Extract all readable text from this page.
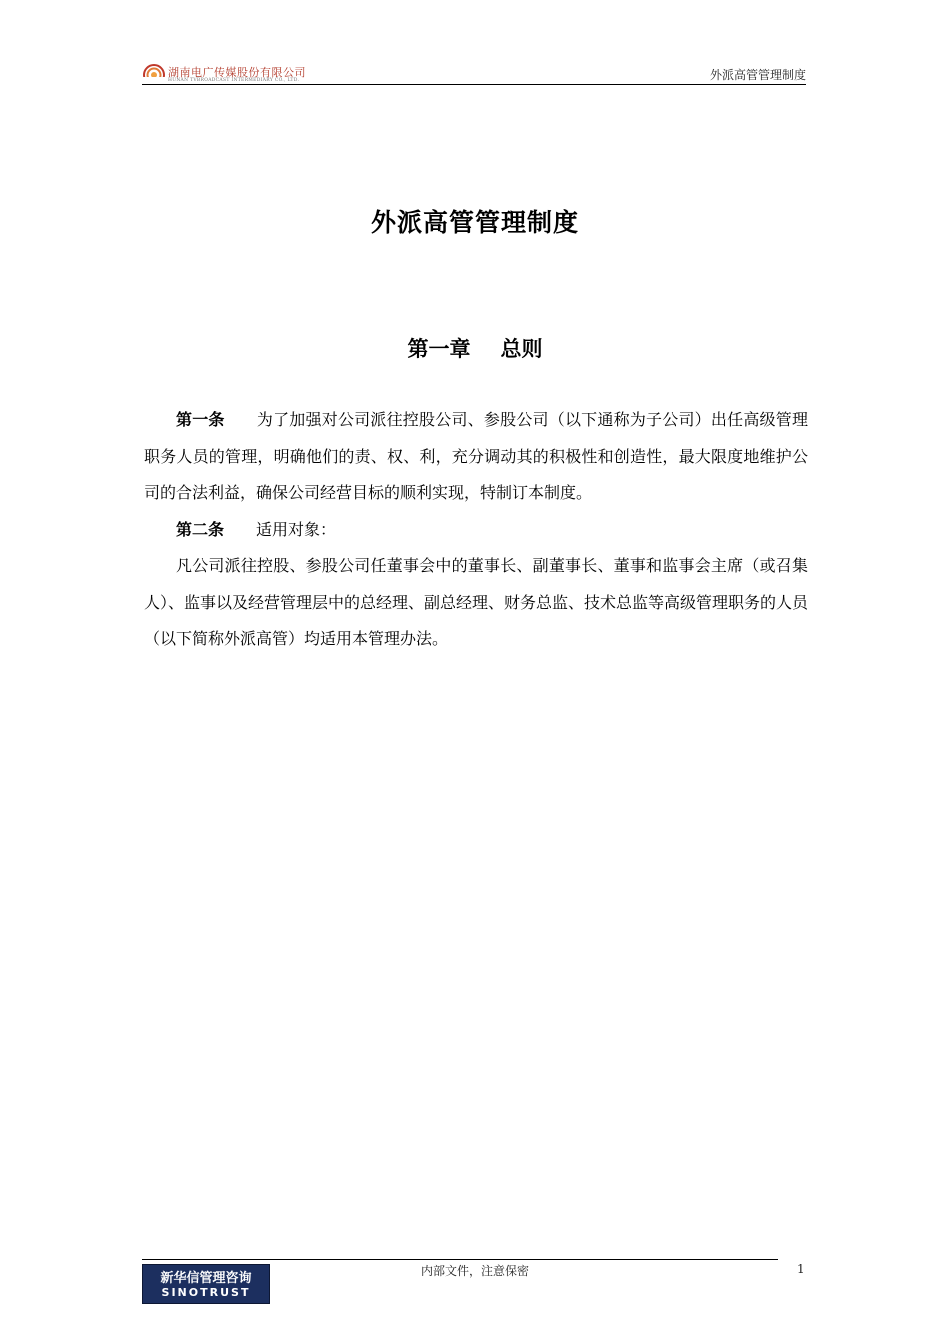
湖南电广传媒股份有限公司
HUNAN TVBROADCAST INTERMEDIARY CO., LTD.	外派高管管理制度
外派高管管理制度
第一章 总则

第一条 为了加强对公司派往控股公司、参股公司（以下通称为子公司）出任高级管理职务人员的管理，明确他们的责、权、利，充分调动其的积极性和创造性，最大限度地维护公司的合法利益，确保公司经营目标的顺利实现，特制订本制度。

第二条 适用对象：

凡公司派往控股、参股公司任董事会中的董事长、副董事长、董事和监事会主席（或召集人）、监事以及经营管理层中的总经理、副总经理、财务总监、技术总监等高级管理职务的人员（以下简称外派高管）均适用本管理办法。

内部文件，注意保密	1
新华信管理咨询
SINOTRUST
